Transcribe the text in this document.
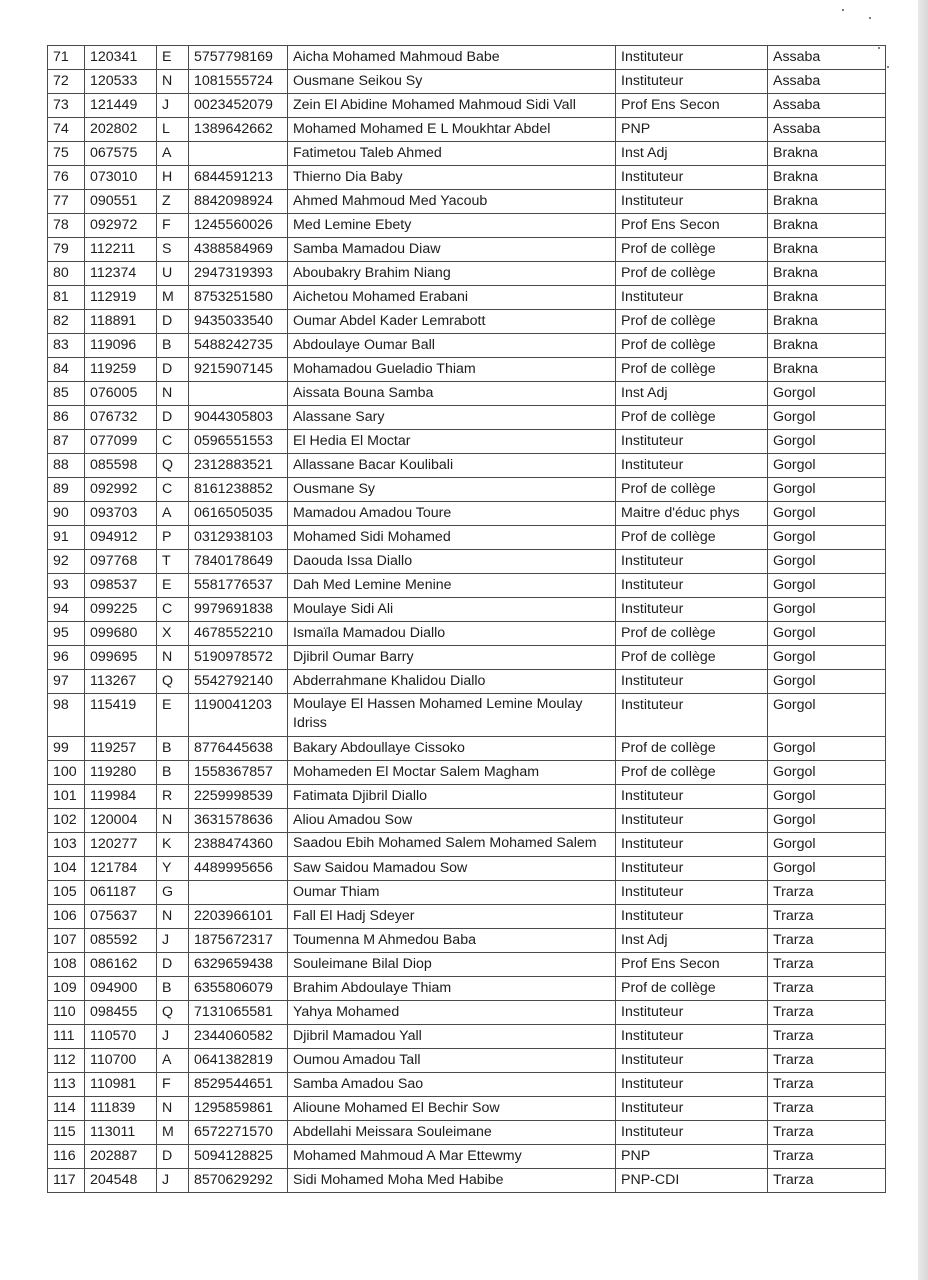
71	120341	E	5757798169	Aicha Mohamed Mahmoud Babe	Instituteur	Assaba
72	120533	N	1081555724	Ousmane Seikou Sy	Instituteur	Assaba
73	121449	J	0023452079	Zein El Abidine Mohamed Mahmoud Sidi Vall	Prof Ens Secon	Assaba
74	202802	L	1389642662	Mohamed Mohamed E L Moukhtar Abdel	PNP	Assaba
75	067575	A		Fatimetou Taleb Ahmed	Inst Adj	Brakna
76	073010	H	6844591213	Thierno Dia Baby	Instituteur	Brakna
77	090551	Z	8842098924	Ahmed Mahmoud Med Yacoub	Instituteur	Brakna
78	092972	F	1245560026	Med Lemine Ebety	Prof Ens Secon	Brakna
79	112211	S	4388584969	Samba Mamadou Diaw	Prof de collège	Brakna
80	112374	U	2947319393	Aboubakry Brahim Niang	Prof de collège	Brakna
81	112919	M	8753251580	Aichetou Mohamed Erabani	Instituteur	Brakna
82	118891	D	9435033540	Oumar Abdel Kader Lemrabott	Prof de collège	Brakna
83	119096	B	5488242735	Abdoulaye Oumar Ball	Prof de collège	Brakna
84	119259	D	9215907145	Mohamadou Gueladio Thiam	Prof de collège	Brakna
85	076005	N		Aissata Bouna Samba	Inst Adj	Gorgol
86	076732	D	9044305803	Alassane Sary	Prof de collège	Gorgol
87	077099	C	0596551553	El Hedia El Moctar	Instituteur	Gorgol
88	085598	Q	2312883521	Allassane Bacar Koulibali	Instituteur	Gorgol
89	092992	C	8161238852	Ousmane Sy	Prof de collège	Gorgol
90	093703	A	0616505035	Mamadou Amadou Toure	Maitre d'éduc phys	Gorgol
91	094912	P	0312938103	Mohamed Sidi Mohamed	Prof de collège	Gorgol
92	097768	T	7840178649	Daouda Issa Diallo	Instituteur	Gorgol
93	098537	E	5581776537	Dah Med Lemine Menine	Instituteur	Gorgol
94	099225	C	9979691838	Moulaye Sidi Ali	Instituteur	Gorgol
95	099680	X	4678552210	Ismaïla Mamadou Diallo	Prof de collège	Gorgol
96	099695	N	5190978572	Djibril Oumar Barry	Prof de collège	Gorgol
97	113267	Q	5542792140	Abderrahmane Khalidou Diallo	Instituteur	Gorgol
98	115419	E	1190041203	Moulaye El Hassen Mohamed Lemine Moulay Idriss	Instituteur	Gorgol
99	119257	B	8776445638	Bakary Abdoullaye Cissoko	Prof de collège	Gorgol
100	119280	B	1558367857	Mohameden El Moctar Salem Magham	Prof de collège	Gorgol
101	119984	R	2259998539	Fatimata Djibril Diallo	Instituteur	Gorgol
102	120004	N	3631578636	Aliou Amadou Sow	Instituteur	Gorgol
103	120277	K	2388474360	Saadou Ebih Mohamed Salem Mohamed Salem	Instituteur	Gorgol
104	121784	Y	4489995656	Saw Saidou Mamadou Sow	Instituteur	Gorgol
105	061187	G		Oumar Thiam	Instituteur	Trarza
106	075637	N	2203966101	Fall El Hadj Sdeyer	Instituteur	Trarza
107	085592	J	1875672317	Toumenna M Ahmedou Baba	Inst Adj	Trarza
108	086162	D	6329659438	Souleimane Bilal Diop	Prof Ens Secon	Trarza
109	094900	B	6355806079	Brahim Abdoulaye Thiam	Prof de collège	Trarza
110	098455	Q	7131065581	Yahya Mohamed	Instituteur	Trarza
111	110570	J	2344060582	Djibril Mamadou Yall	Instituteur	Trarza
112	110700	A	0641382819	Oumou Amadou Tall	Instituteur	Trarza
113	110981	F	8529544651	Samba Amadou Sao	Instituteur	Trarza
114	111839	N	1295859861	Alioune Mohamed El Bechir Sow	Instituteur	Trarza
115	113011	M	6572271570	Abdellahi Meissara Souleimane	Instituteur	Trarza
116	202887	D	5094128825	Mohamed Mahmoud A Mar Ettewmy	PNP	Trarza
117	204548	J	8570629292	Sidi Mohamed Moha Med Habibe	PNP-CDI	Trarza
